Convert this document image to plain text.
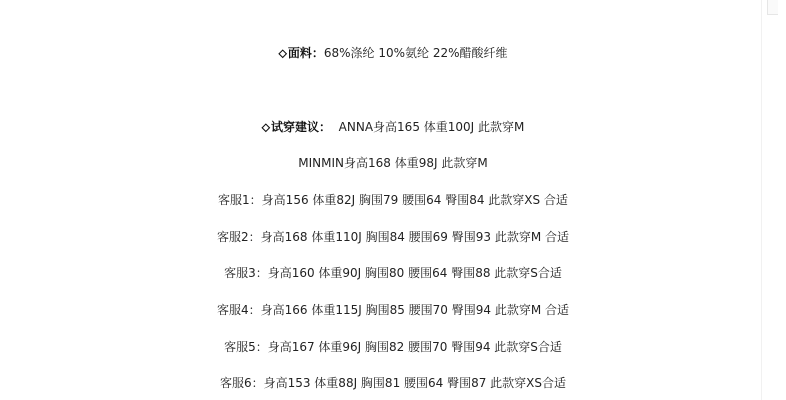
⬦面料：68%涤纶 10%氨纶 22%醋酸纤维
⬦试穿建议： ANNA身高165 体重100J 此款穿M
MINMIN身高168 体重98J 此款穿M
客服1：身高156 体重82J 胸围79 腰围64 臀围84 此款穿XS 合适
客服2：身高168 体重110J 胸围84 腰围69 臀围93 此款穿M 合适
客服3：身高160 体重90J 胸围80 腰围64 臀围88 此款穿S合适
客服4：身高166 体重115J 胸围85 腰围70 臀围94 此款穿M 合适
客服5：身高167 体重96J 胸围82 腰围70 臀围94 此款穿S合适
客服6：身高153 体重88J 胸围81 腰围64 臀围87 此款穿XS合适
